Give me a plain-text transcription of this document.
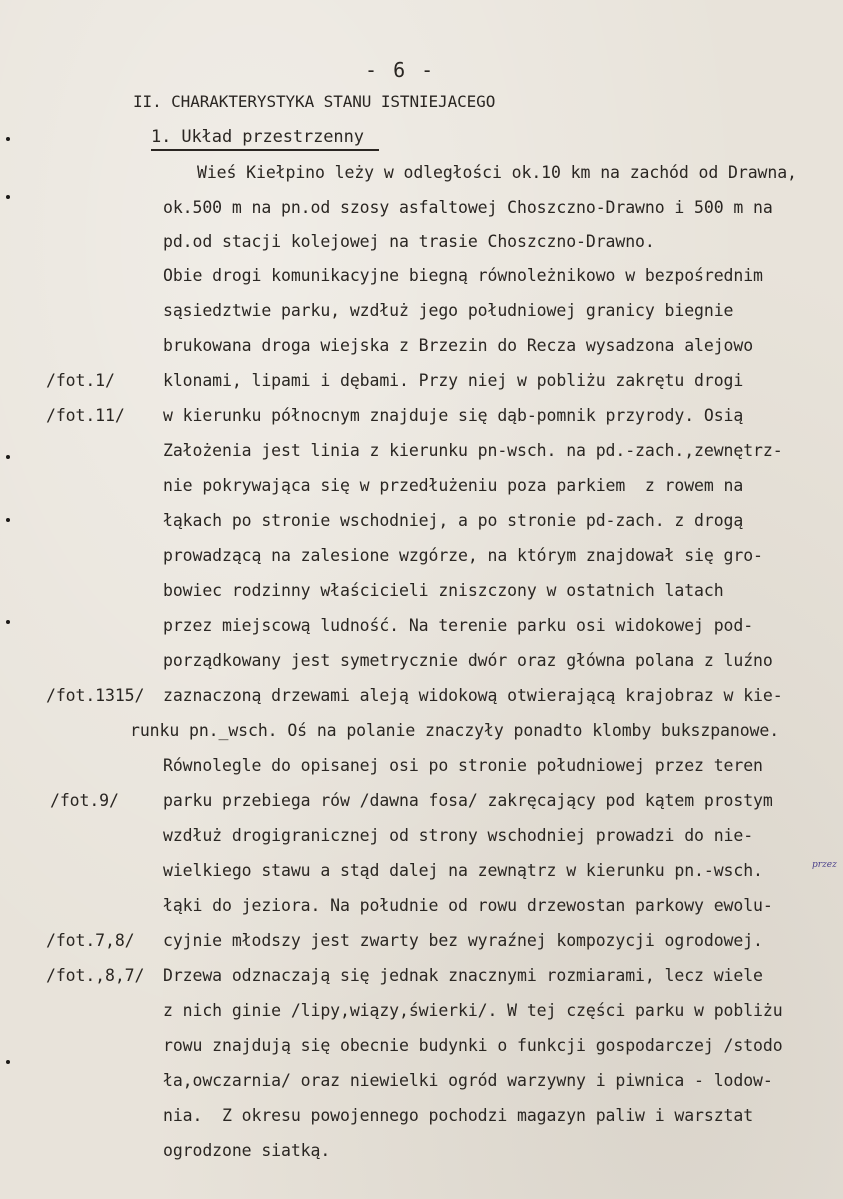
- 6 -
II. CHARAKTERYSTYKA STANU ISTNIEJACEGO
1. Układ przestrzenny
Wieś Kiełpino leży w odległości ok.10 km na zachód od Drawna,
ok.500 m na pn.od szosy asfaltowej Choszczno-Drawno i 500 m na
pd.od stacji kolejowej na trasie Choszczno-Drawno.
Obie drogi komunikacyjne biegną równoleżnikowo w bezpośrednim
sąsiedztwie parku, wzdłuż jego południowej granicy biegnie
brukowana droga wiejska z Brzezin do Recza wysadzona alejowo
klonami, lipami i dębami. Przy niej w pobliżu zakrętu drogi
w kierunku północnym znajduje się dąb-pomnik przyrody. Osią
Założenia jest linia z kierunku pn-wsch. na pd.-zach.,zewnętrz-
nie pokrywająca się w przedłużeniu poza parkiem  z rowem na
łąkach po stronie wschodniej, a po stronie pd-zach. z drogą
prowadzącą na zalesione wzgórze, na którym znajdował się gro-
bowiec rodzinny właścicieli zniszczony w ostatnich latach
przez miejscową ludność. Na terenie parku osi widokowej pod-
porządkowany jest symetrycznie dwór oraz główna polana z luźno
zaznaczoną drzewami aleją widokową otwierającą krajobraz w kie-
runku pn._wsch. Oś na polanie znaczyły ponadto klomby bukszpanowe.
Równolegle do opisanej osi po stronie południowej przez teren
parku przebiega rów /dawna fosa/ zakręcający pod kątem prostym
wzdłuż drogigranicznej od strony wschodniej prowadzi do nie-
wielkiego stawu a stąd dalej na zewnątrz w kierunku pn.-wsch.
łąki do jeziora. Na południe od rowu drzewostan parkowy ewolu-
cyjnie młodszy jest zwarty bez wyraźnej kompozycji ogrodowej.
Drzewa odznaczają się jednak znacznymi rozmiarami, lecz wiele
z nich ginie /lipy,wiązy,świerki/. W tej części parku w pobliżu
rowu znajdują się obecnie budynki o funkcji gospodarczej /stodo
ła,owczarnia/ oraz niewielki ogród warzywny i piwnica - lodow-
nia.  Z okresu powojennego pochodzi magazyn paliw i warsztat
ogrodzone siatką.
/fot.1/
/fot.11/
/fot.1315/
/fot.9/
/fot.7,8/
/fot.,8,7/
przez
